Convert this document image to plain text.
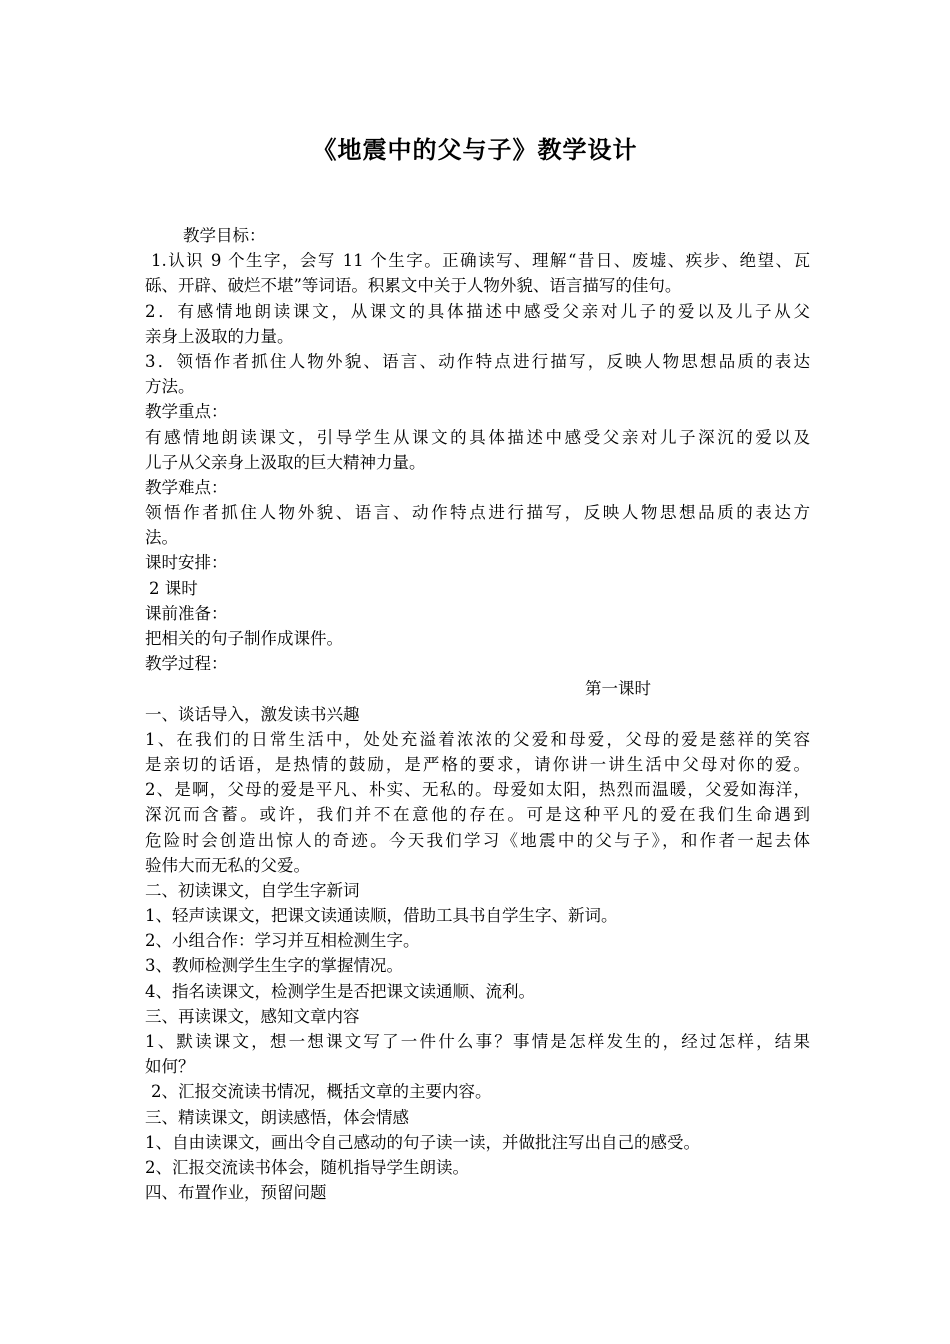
《地震中的父与子》教学设计
教学目标：
1.认识 9 个生字，会写 11 个生字。正确读写、理解“昔日、废墟、疾步、绝望、瓦
砾、开辟、破烂不堪”等词语。积累文中关于人物外貌、语言描写的佳句。
2．有感情地朗读课文，从课文的具体描述中感受父亲对儿子的爱以及儿子从父
亲身上汲取的力量。
3．领悟作者抓住人物外貌、语言、动作特点进行描写，反映人物思想品质的表达
方法。
教学重点：
有感情地朗读课文，引导学生从课文的具体描述中感受父亲对儿子深沉的爱以及
儿子从父亲身上汲取的巨大精神力量。
教学难点：
领悟作者抓住人物外貌、语言、动作特点进行描写，反映人物思想品质的表达方
法。
课时安排：
2 课时
课前准备：
把相关的句子制作成课件。
教学过程：
第一课时
一、谈话导入，激发读书兴趣
1、在我们的日常生活中，处处充溢着浓浓的父爱和母爱，父母的爱是慈祥的笑容
是亲切的话语，是热情的鼓励，是严格的要求，请你讲一讲生活中父母对你的爱。
2、是啊，父母的爱是平凡、朴实、无私的。母爱如太阳，热烈而温暖，父爱如海洋，
深沉而含蓄。或许，我们并不在意他的存在。可是这种平凡的爱在我们生命遇到
危险时会创造出惊人的奇迹。今天我们学习《地震中的父与子》，和作者一起去体
验伟大而无私的父爱。
二、初读课文，自学生字新词
1、轻声读课文，把课文读通读顺，借助工具书自学生字、新词。
2、小组合作：学习并互相检测生字。
3、教师检测学生生字的掌握情况。
4、指名读课文，检测学生是否把课文读通顺、流利。
三、再读课文，感知文章内容
1、默读课文，想一想课文写了一件什么事？事情是怎样发生的，经过怎样，结果
如何？
2、汇报交流读书情况，概括文章的主要内容。
三、精读课文，朗读感悟，体会情感
1、自由读课文，画出令自己感动的句子读一读，并做批注写出自己的感受。
2、汇报交流读书体会，随机指导学生朗读。
四、布置作业，预留问题
